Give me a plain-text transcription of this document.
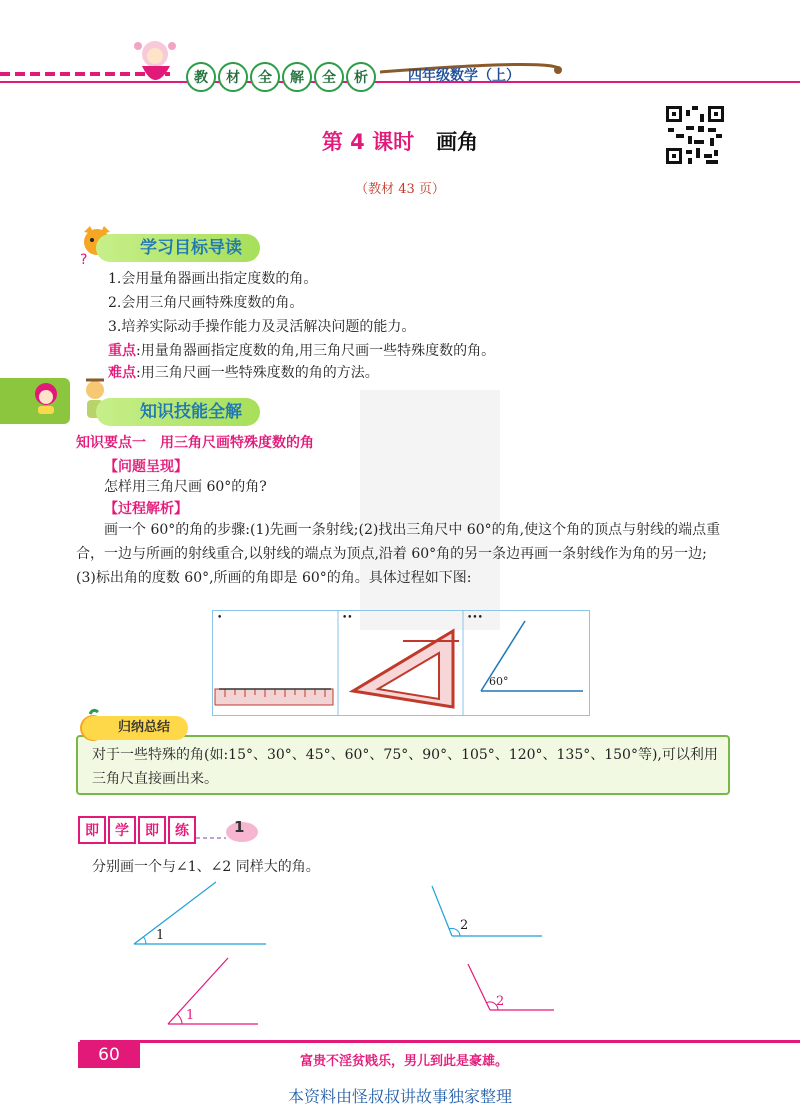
教	材	全	解	全	析	四年级数学（上）
第 4 课时 画角
（教材 43 页）
?
学习目标导读
1.会用量角器画出指定度数的角。
2.会用三角尺画特殊度数的角。
3.培养实际动手操作能力及灵活解决问题的能力。
重点:用量角器画指定度数的角,用三角尺画一些特殊度数的角。
难点:用三角尺画一些特殊度数的角的方法。
知识技能全解
知识要点一　用三角尺画特殊度数的角
【问题呈现】
怎样用三角尺画 60°的角?
【过程解析】
画一个 60°的角的步骤:(1)先画一条射线;(2)找出三角尺中 60°的角,使这个角的顶点与射线的端点重合，一边与所画的射线重合,以射线的端点为顶点,沿着 60°角的另一条边再画一条射线作为角的另一边;(3)标出角的度数 60°,所画的角即是 60°的角。具体过程如下图:
•	••	•••
60°
对于一些特殊的角(如:15°、30°、45°、60°、75°、90°、105°、120°、135°、150°等),可以利用三角尺直接画出来。
归纳总结
即	学	即	练	1
分别画一个与∠1、∠2 同样大的角。
1
2
1
2
60	富贵不淫贫贱乐，男儿到此是豪雄。
本资料由怪叔叔讲故事独家整理
